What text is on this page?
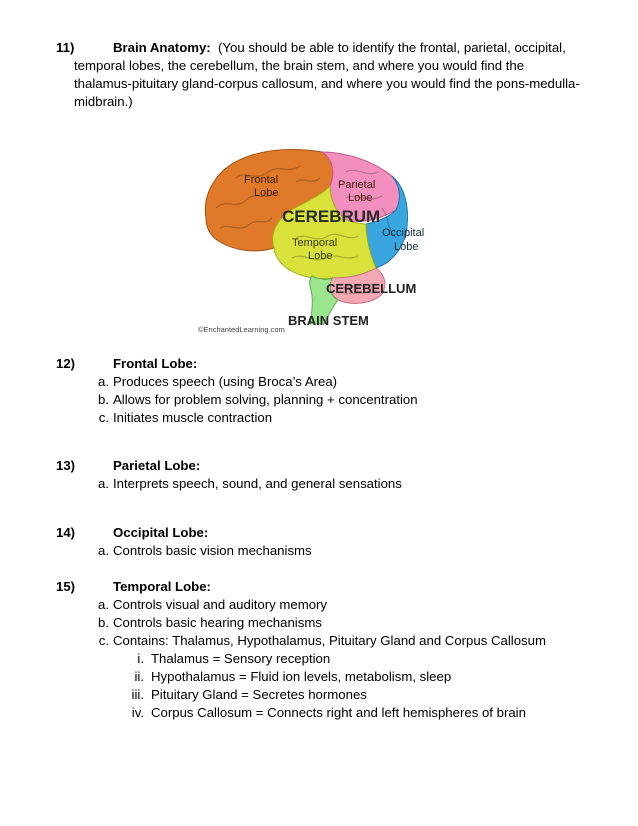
11)	Brain Anatomy: (You should be able to identify the frontal, parietal, occipital,
temporal lobes, the cerebellum, the brain stem, and where you would find the
thalamus-pituitary gland-corpus callosum, and where you would find the pons-medulla-
midbrain.)
Frontal
Lobe
Parietal
Lobe
CEREBRUM
Occipital
Lobe
Temporal
Lobe
CEREBELLUM
BRAIN STEM
©EnchantedLearning.com
12)	Frontal Lobe:
a. Produces speech (using Broca’s Area)
b. Allows for problem solving, planning + concentration
c. Initiates muscle contraction
13)	Parietal Lobe:
a. Interprets speech, sound, and general sensations
14)	Occipital Lobe:
a. Controls basic vision mechanisms
15)	Temporal Lobe:
a. Controls visual and auditory memory
b. Controls basic hearing mechanisms
c. Contains: Thalamus, Hypothalamus, Pituitary Gland and Corpus Callosum
i. Thalamus = Sensory reception
ii. Hypothalamus = Fluid ion levels, metabolism, sleep
iii. Pituitary Gland = Secretes hormones
iv. Corpus Callosum = Connects right and left hemispheres of brain
